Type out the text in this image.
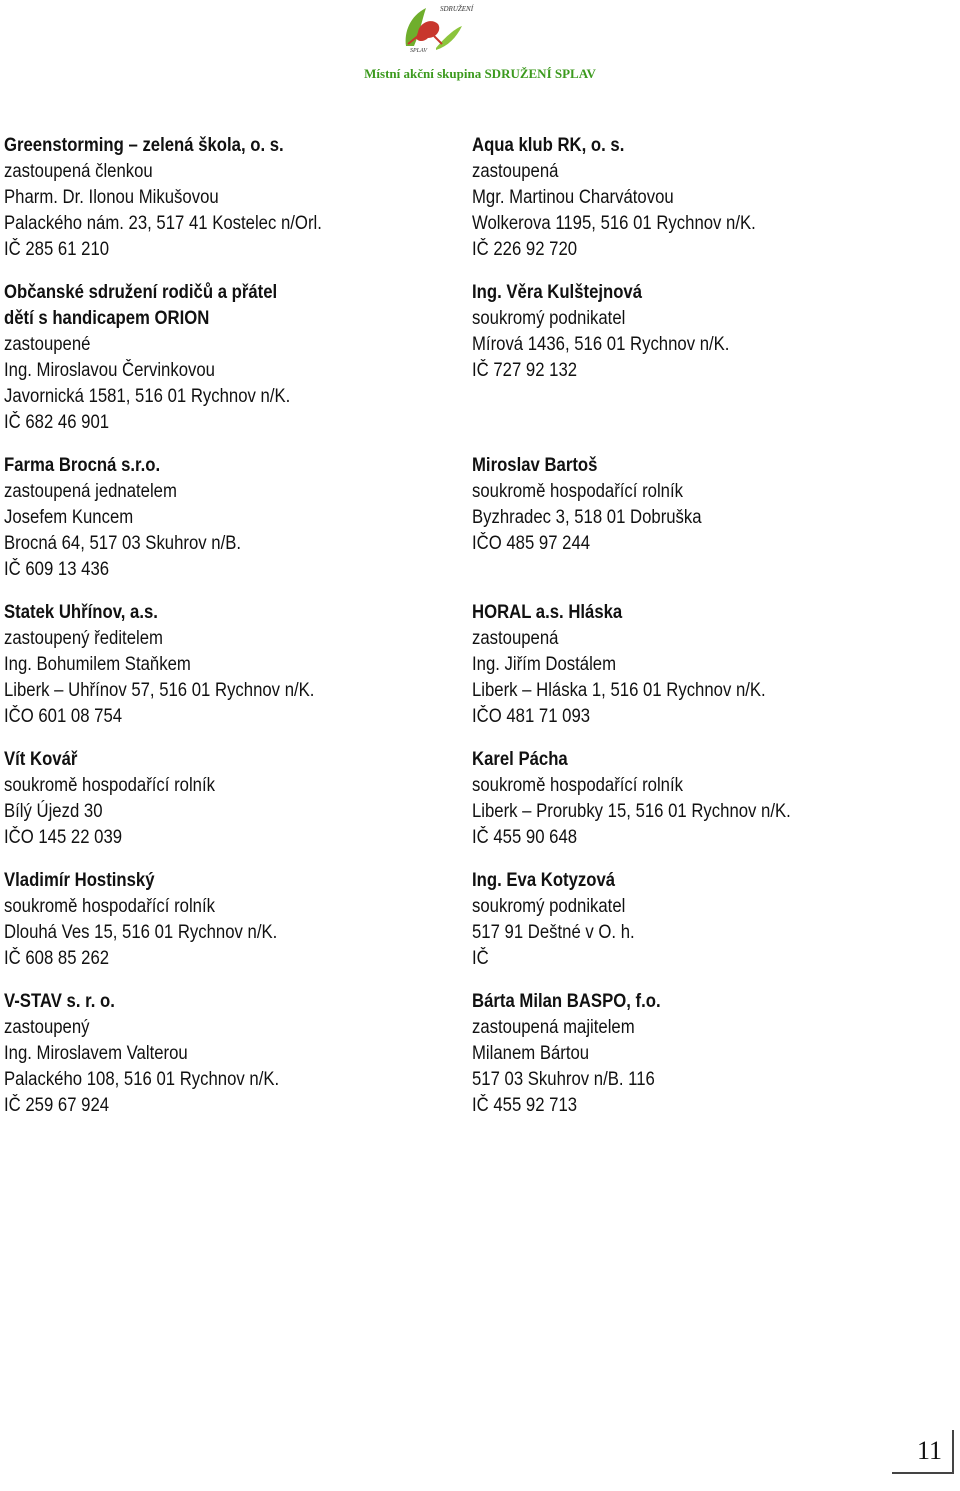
SDRUŽENÍ
SPLAV
Místní akční skupina SDRUŽENÍ SPLAV
Greenstorming – zelená škola, o. s.
zastoupená členkou
Pharm. Dr. Ilonou Mikušovou
Palackého nám. 23, 517 41 Kostelec n/Orl.
IČ 285 61 210
Občanské sdružení rodičů a přátel
dětí s handicapem ORION
zastoupené
Ing. Miroslavou Červinkovou
Javornická 1581, 516 01 Rychnov n/K.
IČ 682 46 901
Farma Brocná s.r.o.
zastoupená jednatelem
Josefem Kuncem
Brocná 64, 517 03 Skuhrov n/B.
IČ 609 13 436
Statek Uhřínov, a.s.
zastoupený ředitelem
Ing. Bohumilem Staňkem
Liberk – Uhřínov 57, 516 01 Rychnov n/K.
IČO 601 08 754
Vít Kovář
soukromě hospodařící rolník
Bílý Újezd 30
IČO 145 22 039
Vladimír Hostinský
soukromě hospodařící rolník
Dlouhá Ves 15, 516 01 Rychnov n/K.
IČ 608 85 262
V-STAV s. r. o.
zastoupený
Ing. Miroslavem Valterou
Palackého 108, 516 01 Rychnov n/K.
IČ 259 67 924
Aqua klub RK, o. s.
zastoupená
Mgr. Martinou Charvátovou
Wolkerova 1195, 516 01 Rychnov n/K.
IČ 226 92 720
Ing. Věra Kulštejnová
soukromý podnikatel
Mírová 1436, 516 01 Rychnov n/K.
IČ 727 92 132
Miroslav Bartoš
soukromě hospodařící rolník
Byzhradec 3, 518 01 Dobruška
IČO 485 97 244
HORAL a.s. Hláska
zastoupená
Ing. Jiřím Dostálem
Liberk – Hláska 1, 516 01 Rychnov n/K.
IČO 481 71 093
Karel Pácha
soukromě hospodařící rolník
Liberk – Prorubky 15, 516 01 Rychnov n/K.
IČ 455 90 648
Ing. Eva Kotyzová
soukromý podnikatel
517 91 Deštné v O. h.
IČ
Bárta Milan BASPO, f.o.
zastoupená majitelem
Milanem Bártou
517 03 Skuhrov n/B. 116
IČ 455 92 713
11
